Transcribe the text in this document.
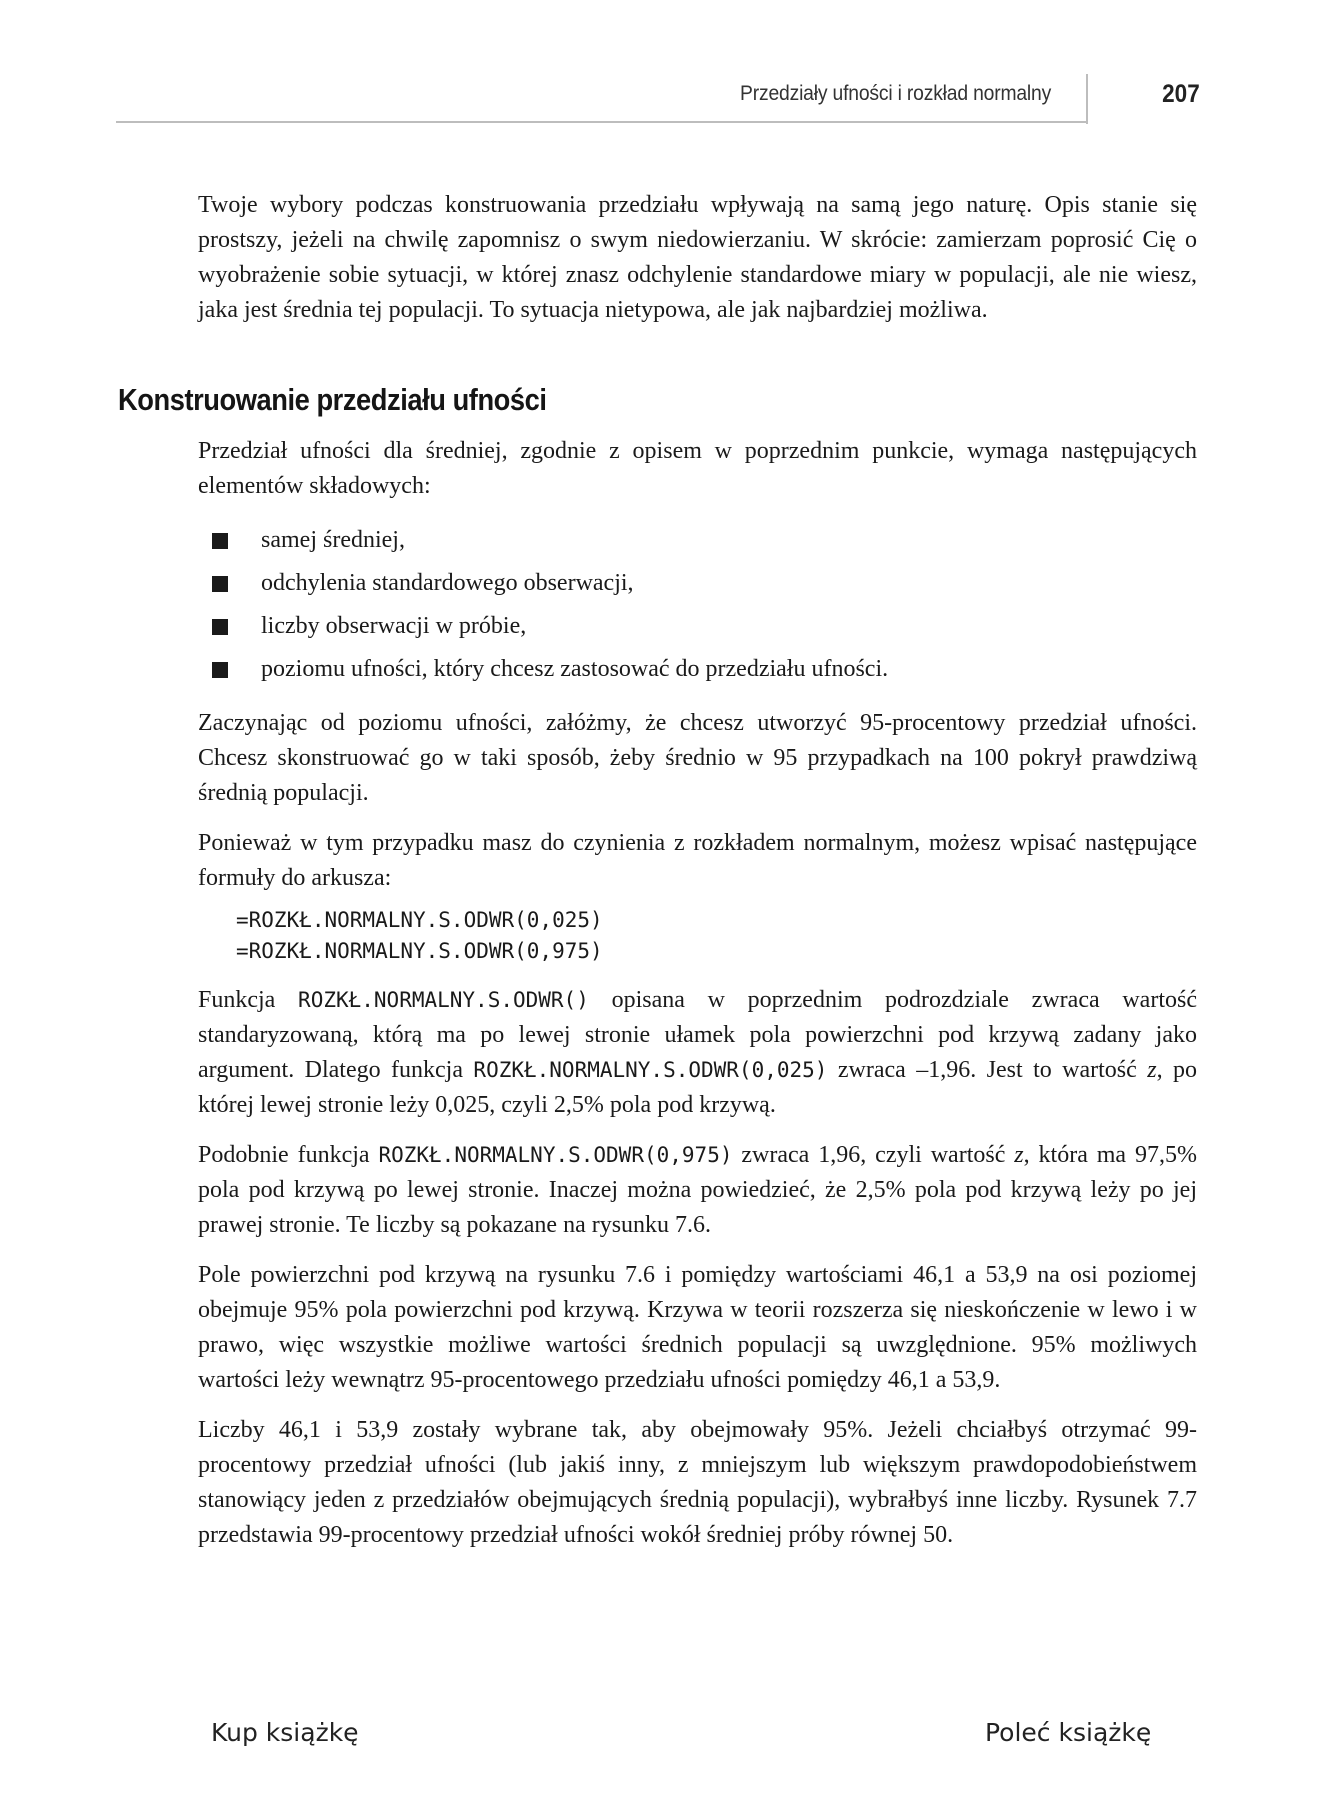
Przedziały ufności i rozkład normalny	207

Twoje wybory podczas konstruowania przedziału wpływają na samą jego naturę. Opis stanie się prostszy, jeżeli na chwilę zapomnisz o swym niedowierzaniu. W skrócie: zamierzam poprosić Cię o wyobrażenie sobie sytuacji, w której znasz odchylenie standardowe miary w populacji, ale nie wiesz, jaka jest średnia tej populacji. To sytuacja nietypowa, ale jak najbardziej możliwa.

Konstruowanie przedziału ufności

Przedział ufności dla średniej, zgodnie z opisem w poprzednim punkcie, wymaga następujących elementów składowych:

samej średniej,
odchylenia standardowego obserwacji,
liczby obserwacji w próbie,
poziomu ufności, który chcesz zastosować do przedziału ufności.

Zaczynając od poziomu ufności, załóżmy, że chcesz utworzyć 95-procentowy przedział ufności. Chcesz skonstruować go w taki sposób, żeby średnio w 95 przypadkach na 100 pokrył prawdziwą średnią populacji.

Ponieważ w tym przypadku masz do czynienia z rozkładem normalnym, możesz wpisać następujące formuły do arkusza:

=ROZKŁ.NORMALNY.S.ODWR(0,025)
=ROZKŁ.NORMALNY.S.ODWR(0,975)

Funkcja ROZKŁ.NORMALNY.S.ODWR() opisana w poprzednim podrozdziale zwraca wartość standaryzowaną, którą ma po lewej stronie ułamek pola powierzchni pod krzywą zadany jako argument. Dlatego funkcja ROZKŁ.NORMALNY.S.ODWR(0,025) zwraca –1,96. Jest to wartość z, po której lewej stronie leży 0,025, czyli 2,5% pola pod krzywą.

Podobnie funkcja ROZKŁ.NORMALNY.S.ODWR(0,975) zwraca 1,96, czyli wartość z, która ma 97,5% pola pod krzywą po lewej stronie. Inaczej można powiedzieć, że 2,5% pola pod krzywą leży po jej prawej stronie. Te liczby są pokazane na rysunku 7.6.

Pole powierzchni pod krzywą na rysunku 7.6 i pomiędzy wartościami 46,1 a 53,9 na osi poziomej obejmuje 95% pola powierzchni pod krzywą. Krzywa w teorii rozszerza się nieskończenie w lewo i w prawo, więc wszystkie możliwe wartości średnich populacji są uwzględnione. 95% możliwych wartości leży wewnątrz 95-procentowego przedziału ufności pomiędzy 46,1 a 53,9.

Liczby 46,1 i 53,9 zostały wybrane tak, aby obejmowały 95%. Jeżeli chciałbyś otrzymać 99-procentowy przedział ufności (lub jakiś inny, z mniejszym lub większym prawdopodobieństwem stanowiący jeden z przedziałów obejmujących średnią populacji), wybrałbyś inne liczby. Rysunek 7.7 przedstawia 99-procentowy przedział ufności wokół średniej próby równej 50.

Kup książkę	Poleć książkę
